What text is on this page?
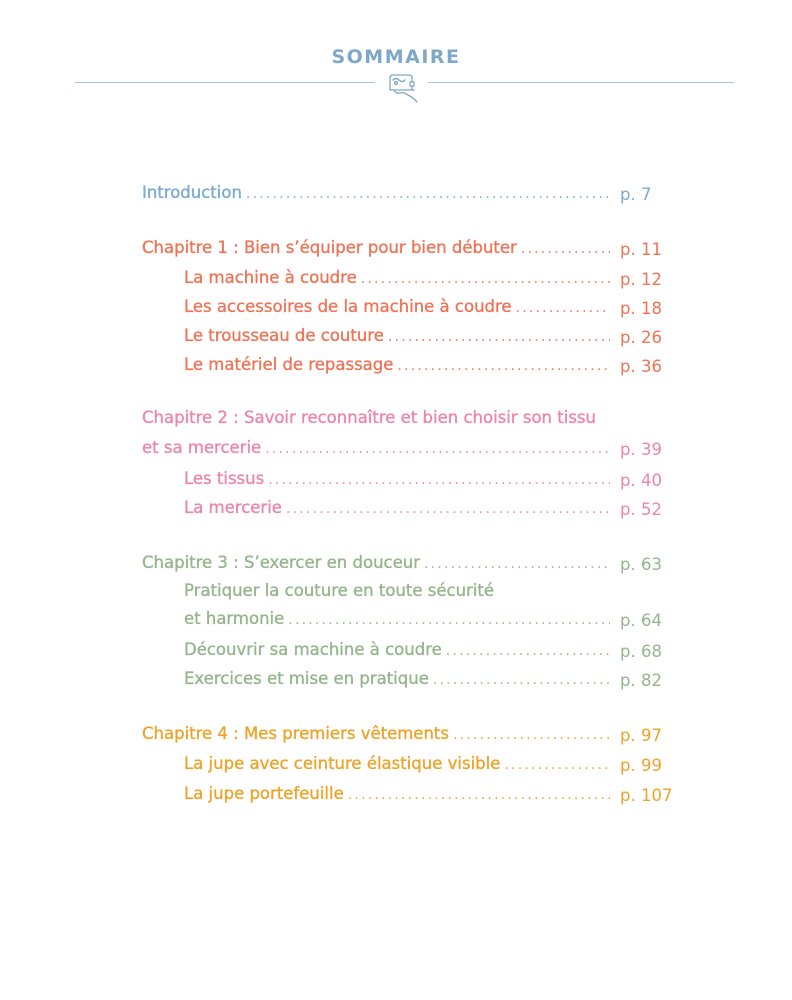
SOMMAIRE
Introduction .....	p. 7
Chapitre 1 : Bien s’équiper pour bien débuter .....	p. 11
La machine à coudre .....	p. 12
Les accessoires de la machine à coudre .....	p. 18
Le trousseau de couture .....	p. 26
Le matériel de repassage .....	p. 36
Chapitre 2 : Savoir reconnaître et bien choisir son tissu
et sa mercerie .....	p. 39
Les tissus .....	p. 40
La mercerie .....	p. 52
Chapitre 3 : S’exercer en douceur .....	p. 63
Pratiquer la couture en toute sécurité
et harmonie .....	p. 64
Découvrir sa machine à coudre .....	p. 68
Exercices et mise en pratique .....	p. 82
Chapitre 4 : Mes premiers vêtements .....	p. 97
La jupe avec ceinture élastique visible .....	p. 99
La jupe portefeuille .....	p. 107
